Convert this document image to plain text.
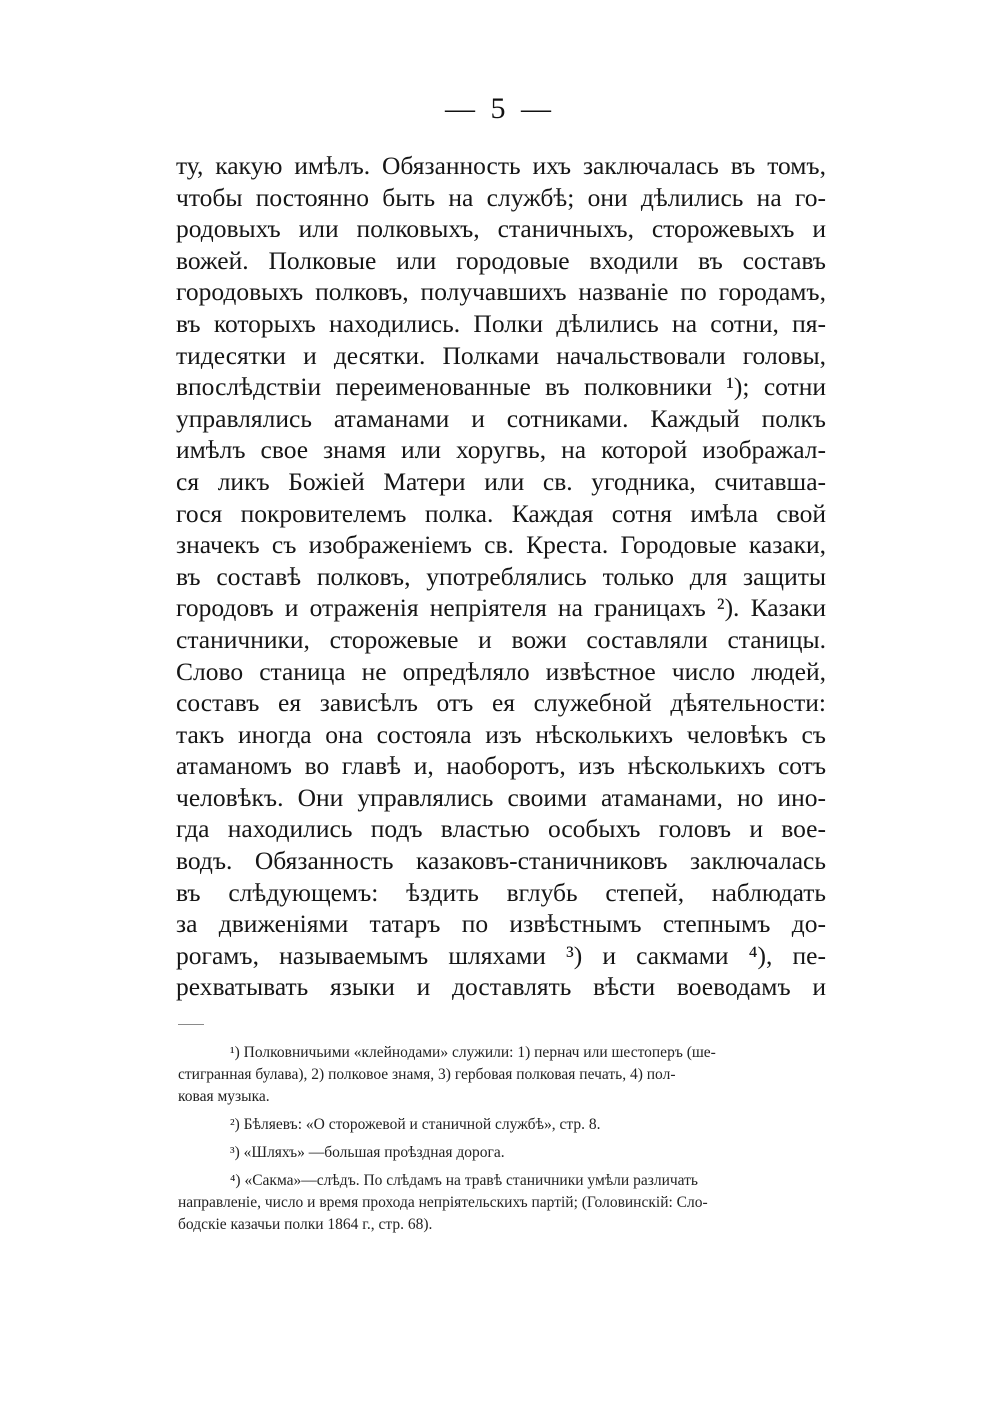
— 5 —
ту, какую имѣлъ. Обязанность ихъ заключалась въ томъ,
чтобы постоянно быть на службѣ; они дѣлились на го-
родовыхъ или полковыхъ, станичныхъ, сторожевыхъ и
вожей. Полковые или городовые входили въ составъ
городовыхъ полковъ, получавшихъ названіе по городамъ,
въ которыхъ находились. Полки дѣлились на сотни, пя-
тидесятки и десятки. Полками начальствовали головы,
впослѣдствіи переименованные въ полковники ¹); сотни
управлялись атаманами и сотниками. Каждый полкъ
имѣлъ свое знамя или хоругвь, на которой изображал-
ся ликъ Божіей Матери или св. угодника, считавша-
гося покровителемъ полка. Каждая сотня имѣла свой
значекъ съ изображеніемъ св. Креста. Городовые казаки,
въ составѣ полковъ, употреблялись только для защиты
городовъ и отраженія непріятеля на границахъ ²). Казаки
станичники, сторожевые и вожи составляли станицы.
Слово станица не опредѣляло извѣстное число людей,
составъ ея зависѣлъ отъ ея служебной дѣятельности:
такъ иногда она состояла изъ нѣсколькихъ человѣкъ съ
атаманомъ во главѣ и, наоборотъ, изъ нѣсколькихъ сотъ
человѣкъ. Они управлялись своими атаманами, но ино-
гда находились подъ властью особыхъ головъ и вое-
водъ. Обязанность казаковъ-станичниковъ заключалась
въ слѣдующемъ: ѣздить вглубь степей, наблюдать
за движеніями татаръ по извѣстнымъ степнымъ до-
рогамъ, называемымъ шляхами ³) и сакмами ⁴), пе-
рехватывать языки и доставлять вѣсти воеводамъ и
¹) Полковничьими «клейнодами» служили: 1) пернач или шестоперъ (ше-
стигранная булава), 2) полковое знамя, 3) гербовая полковая печать, 4) пол-
ковая музыка.
²) Бѣляевъ: «О сторожевой и станичной службѣ», стр. 8.
³) «Шляхъ» —большая проѣздная дорога.
⁴) «Сакма»—слѣдъ. По слѣдамъ на травѣ станичники умѣли различать
направленіе, число и время прохода непріятельскихъ партій; (Головинскій: Сло-
бодскіе казачьи полки 1864 г., стр. 68).
